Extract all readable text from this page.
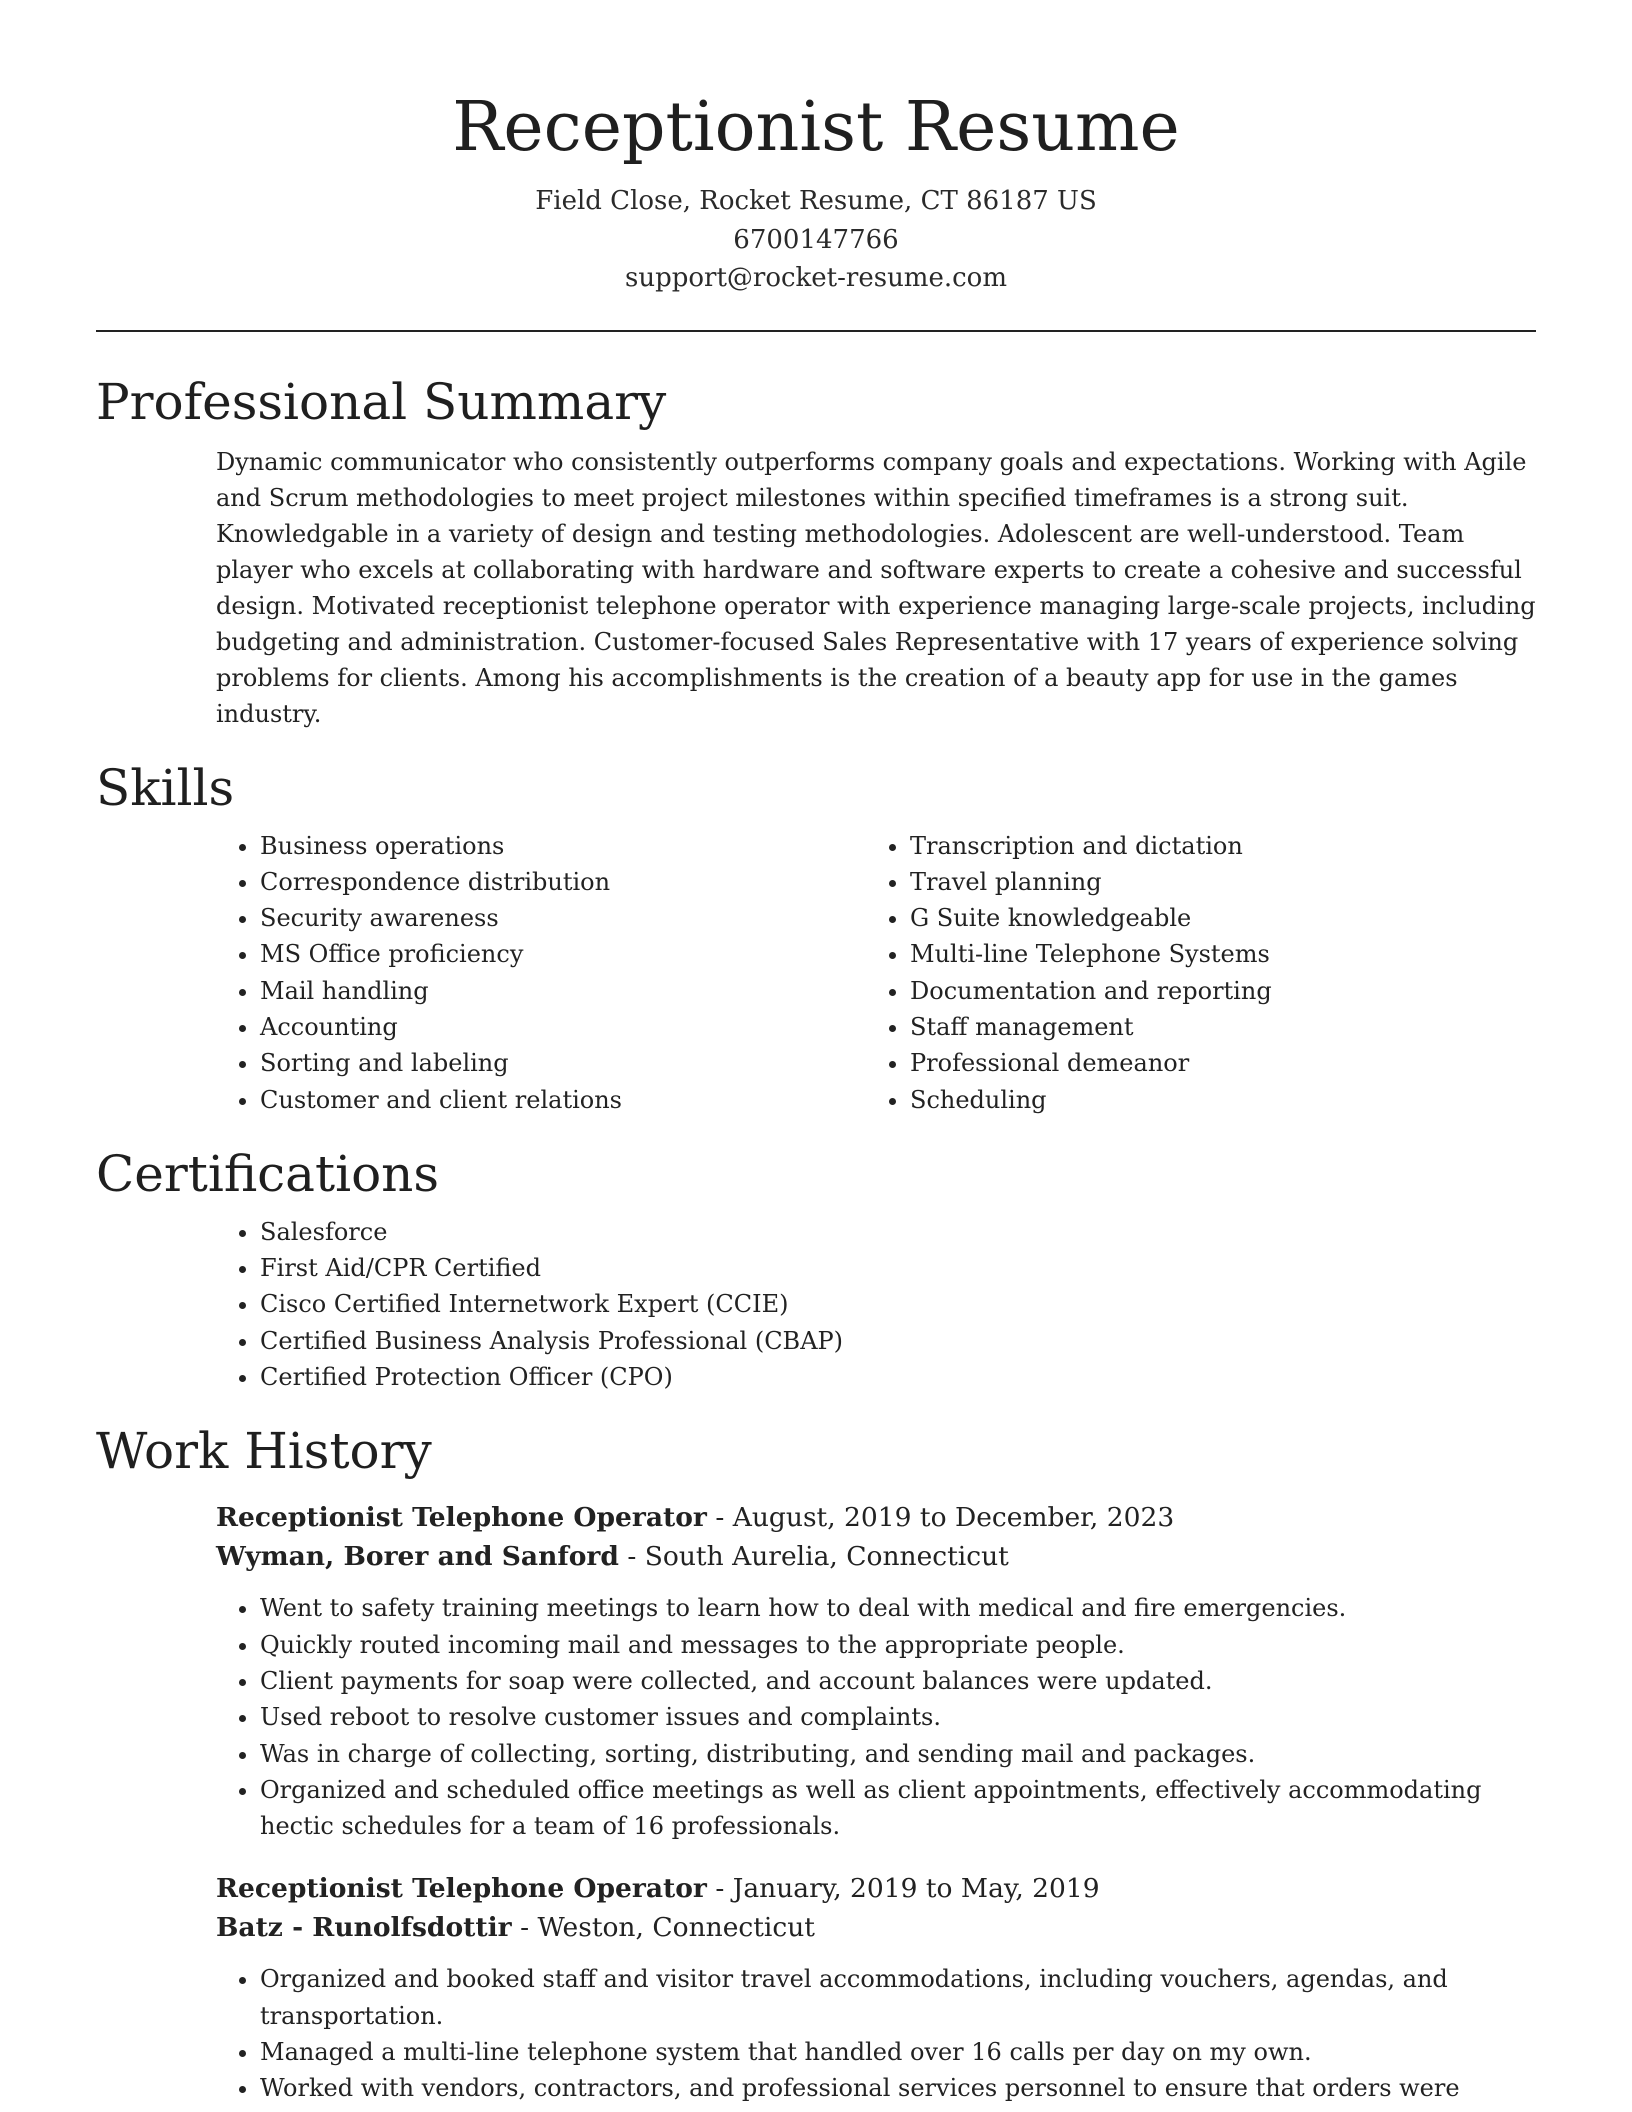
Receptionist Resume
Field Close, Rocket Resume, CT 86187 US
6700147766
support@rocket-resume.com
Professional Summary

Dynamic communicator who consistently outperforms company goals and expectations. Working with Agile and Scrum methodologies to meet project milestones within specified timeframes is a strong suit. Knowledgable in a variety of design and testing methodologies. Adolescent are well-understood. Team player who excels at collaborating with hardware and software experts to create a cohesive and successful design. Motivated receptionist telephone operator with experience managing large-scale projects, including budgeting and administration. Customer-focused Sales Representative with 17 years of experience solving problems for clients. Among his accomplishments is the creation of a beauty app for use in the games industry.

Skills
• Business operations
• Correspondence distribution
• Security awareness
• MS Office proficiency
• Mail handling
• Accounting
• Sorting and labeling
• Customer and client relations
• Transcription and dictation
• Travel planning
• G Suite knowledgeable
• Multi-line Telephone Systems
• Documentation and reporting
• Staff management
• Professional demeanor
• Scheduling
Certifications
• Salesforce
• First Aid/CPR Certified
• Cisco Certified Internetwork Expert (CCIE)
• Certified Business Analysis Professional (CBAP)
• Certified Protection Officer (CPO)
Work History
Receptionist Telephone Operator - August, 2019 to December, 2023
Wyman, Borer and Sanford - South Aurelia, Connecticut
• Went to safety training meetings to learn how to deal with medical and fire emergencies.
• Quickly routed incoming mail and messages to the appropriate people.
• Client payments for soap were collected, and account balances were updated.
• Used reboot to resolve customer issues and complaints.
• Was in charge of collecting, sorting, distributing, and sending mail and packages.
• Organized and scheduled office meetings as well as client appointments, effectively accommodating hectic schedules for a team of 16 professionals.
Receptionist Telephone Operator - January, 2019 to May, 2019
Batz - Runolfsdottir - Weston, Connecticut
• Organized and booked staff and visitor travel accommodations, including vouchers, agendas, and transportation.
• Managed a multi-line telephone system that handled over 16 calls per day on my own.
• Worked with vendors, contractors, and professional services personnel to ensure that orders were
